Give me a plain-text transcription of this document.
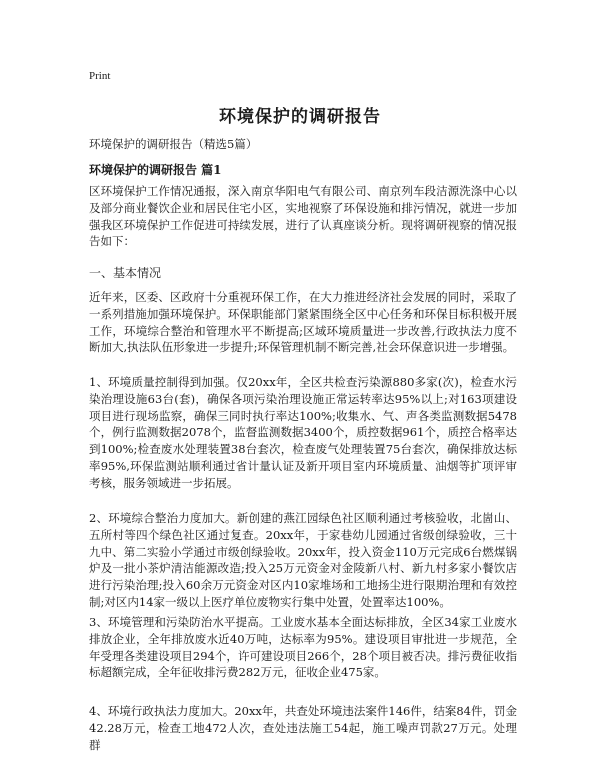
Print
环境保护的调研报告
环境保护的调研报告（精选5篇）
环境保护的调研报告 篇1

区环境保护工作情况通报，深入南京华阳电气有限公司、南京列车段洁源洗涤中心以及部分商业餐饮企业和居民住宅小区，实地视察了环保设施和排污情况，就进一步加强我区环境保护工作促进可持续发展，进行了认真座谈分析。现将调研视察的情况报告如下：

一、基本情况

近年来，区委、区政府十分重视环保工作，在大力推进经济社会发展的同时，采取了一系列措施加强环境保护。环保职能部门紧紧围绕全区中心任务和环保目标积极开展工作，环境综合整治和管理水平不断提高;区域环境质量进一步改善,行政执法力度不断加大,执法队伍形象进一步提升;环保管理机制不断完善,社会环保意识进一步增强。

1、环境质量控制得到加强。仅20xx年，全区共检查污染源880多家(次)，检查水污染治理设施63台(套)，确保各项污染治理设施正常运转率达95%以上;对163项建设项目进行现场监察，确保三同时执行率达100%;收集水、气、声各类监测数据5478个，例行监测数据2078个，监督监测数据3400个，质控数据961个，质控合格率达到100%;检查废水处理装置38台套次，检查废气处理装置75台套次，确保排放达标率95%,环保监测站顺利通过省计量认证及新开项目室内环境质量、油烟等扩项评审考核，服务领域进一步拓展。

2、环境综合整治力度加大。新创建的燕江园绿色社区顺利通过考核验收，北崮山、五所村等四个绿色社区通过复查。20xx年，于家巷幼儿园通过省级创绿验收，三十九中、第二实验小学通过市级创绿验收。20xx年，投入资金110万元完成6台燃煤锅炉及一批小茶炉清洁能源改造;投入25万元资金对金陵新八村、新九村多家小餐饮店进行污染治理;投入60余万元资金对区内10家堆场和工地扬尘进行限期治理和有效控制;对区内14家一级以上医疗单位废物实行集中处置，处置率达100%。

3、环境管理和污染防治水平提高。工业废水基本全面达标排放，全区34家工业废水排放企业，全年排放废水近40万吨，达标率为95%。建设项目审批进一步规范，全年受理各类建设项目294个，许可建设项目266个，28个项目被否决。排污费征收指标超额完成，全年征收排污费282万元，征收企业475家。

4、环境行政执法力度加大。20xx年，共查处环境违法案件146件，结案84件，罚金42.28万元，检查工地472人次，查处违法施工54起，施工噪声罚款27万元。处理群
